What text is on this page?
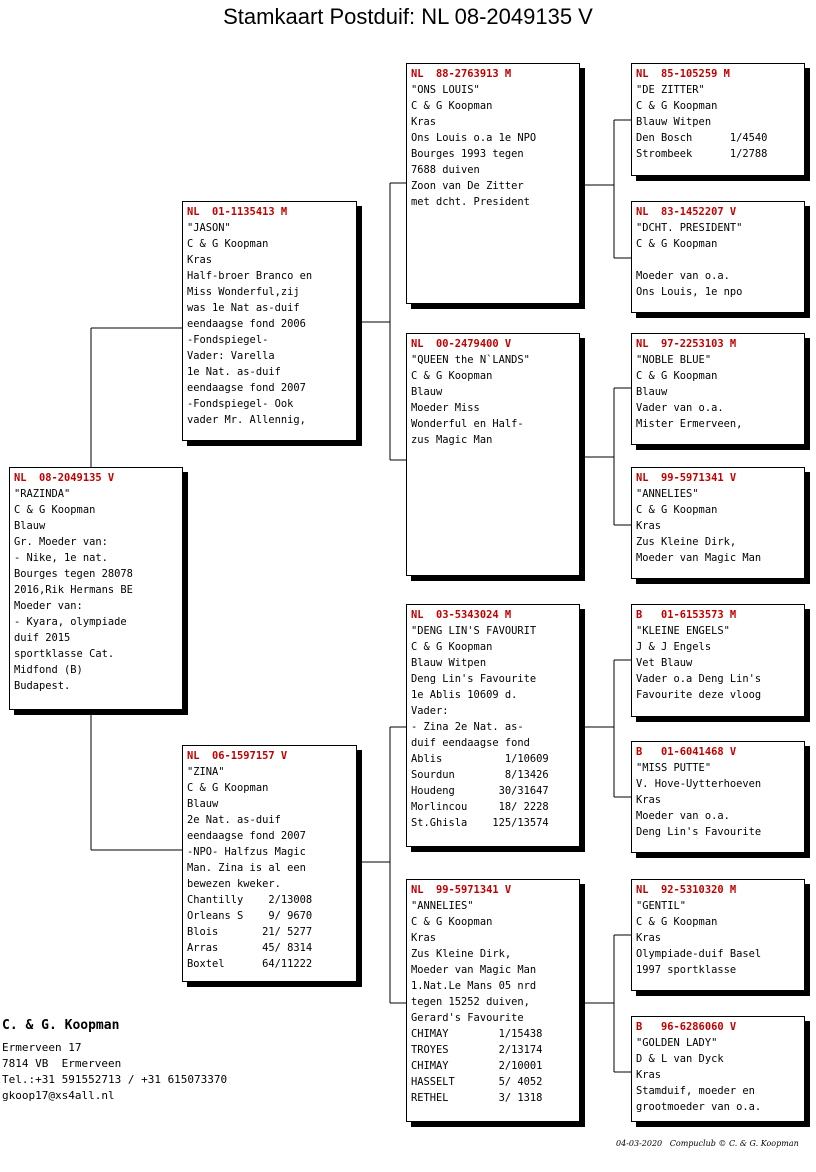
Stamkaart Postduif: NL 08-2049135 V
NL  08-2049135 V
"RAZINDA"
C & G Koopman
Blauw
Gr. Moeder van:
- Nike, 1e nat.
Bourges tegen 28078
2016,Rik Hermans BE
Moeder van:
- Kyara, olympiade
duif 2015
sportklasse Cat.
Midfond (B)
Budapest.
NL  01-1135413 M
"JASON"
C & G Koopman
Kras
Half-broer Branco en
Miss Wonderful,zij
was 1e Nat as-duif
eendaagse fond 2006
-Fondspiegel-
Vader: Varella
1e Nat. as-duif
eendaagse fond 2007
-Fondspiegel- Ook
vader Mr. Allennig,
NL  06-1597157 V
"ZINA"
C & G Koopman
Blauw
2e Nat. as-duif
eendaagse fond 2007
-NPO- Halfzus Magic
Man. Zina is al een
bewezen kweker.
Chantilly    2/13008
Orleans S    9/ 9670
Blois       21/ 5277
Arras       45/ 8314
Boxtel      64/11222
NL  88-2763913 M
"ONS LOUIS"
C & G Koopman
Kras
Ons Louis o.a 1e NPO
Bourges 1993 tegen
7688 duiven
Zoon van De Zitter
met dcht. President
NL  00-2479400 V
"QUEEN the N`LANDS"
C & G Koopman
Blauw
Moeder Miss
Wonderful en Half-
zus Magic Man
NL  03-5343024 M
"DENG LIN'S FAVOURIT
C & G Koopman
Blauw Witpen
Deng Lin's Favourite
1e Ablis 10609 d.
Vader:
- Zina 2e Nat. as-
duif eendaagse fond
Ablis          1/10609
Sourdun        8/13426
Houdeng       30/31647
Morlincou     18/ 2228
St.Ghisla    125/13574
NL  99-5971341 V
"ANNELIES"
C & G Koopman
Kras
Zus Kleine Dirk,
Moeder van Magic Man
1.Nat.Le Mans 05 nrd
tegen 15252 duiven,
Gerard's Favourite
CHIMAY        1/15438
TROYES        2/13174
CHIMAY        2/10001
HASSELT       5/ 4052
RETHEL        3/ 1318
NL  85-105259 M
"DE ZITTER"
C & G Koopman
Blauw Witpen
Den Bosch      1/4540
Strombeek      1/2788
NL  83-1452207 V
"DCHT. PRESIDENT"
C & G Koopman

Moeder van o.a.
Ons Louis, 1e npo
NL  97-2253103 M
"NOBLE BLUE"
C & G Koopman
Blauw
Vader van o.a.
Mister Ermerveen,
NL  99-5971341 V
"ANNELIES"
C & G Koopman
Kras
Zus Kleine Dirk,
Moeder van Magic Man
B   01-6153573 M
"KLEINE ENGELS"
J & J Engels
Vet Blauw
Vader o.a Deng Lin's
Favourite deze vloog
B   01-6041468 V
"MISS PUTTE"
V. Hove-Uytterhoeven
Kras
Moeder van o.a.
Deng Lin's Favourite
NL  92-5310320 M
"GENTIL"
C & G Koopman
Kras
Olympiade-duif Basel
1997 sportklasse
B   96-6286060 V
"GOLDEN LADY"
D & L van Dyck
Kras
Stamduif, moeder en
grootmoeder van o.a.
C. & G. Koopman
Ermerveen 17
7814 VB  Ermerveen
Tel.:+31 591552713 / +31 615073370
gkoop17@xs4all.nl
04-03-2020   Compuclub © C. & G. Koopman
